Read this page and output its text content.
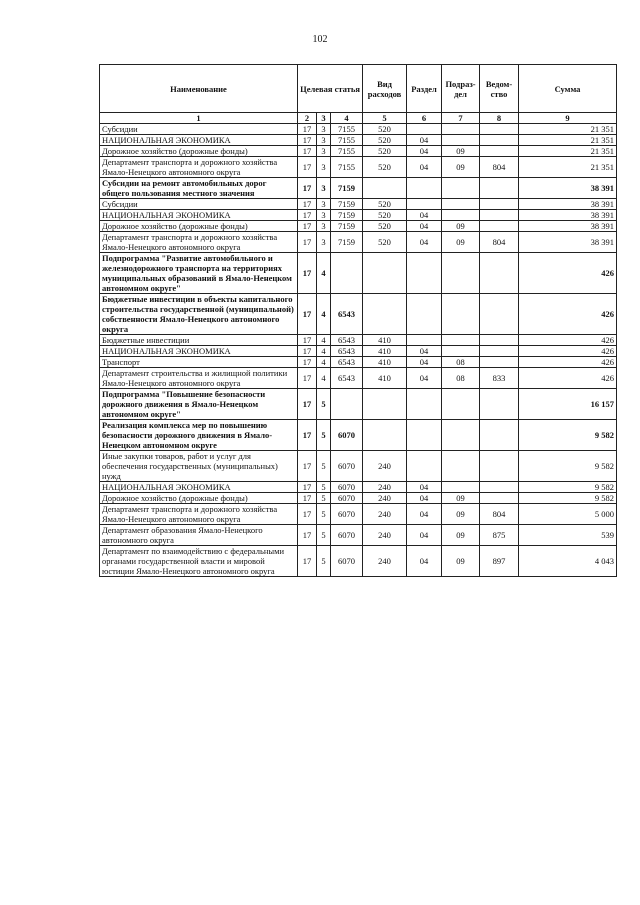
102
Наименование	Целевая статья			Вид расходов	Раздел	Подраз-дел	Ведом-ство	Сумма
1	2	3	4	5	6	7	8	9
Субсидии	17	3	7155	520				21 351
НАЦИОНАЛЬНАЯ ЭКОНОМИКА	17	3	7155	520	04			21 351
Дорожное хозяйство (дорожные фонды)	17	3	7155	520	04	09		21 351
Департамент транспорта и дорожного хозяйства Ямало-Ненецкого автономного округа	17	3	7155	520	04	09	804	21 351
Субсидии на ремонт автомобильных дорог общего пользования местного значения	17	3	7159					38 391
Субсидии	17	3	7159	520				38 391
НАЦИОНАЛЬНАЯ ЭКОНОМИКА	17	3	7159	520	04			38 391
Дорожное хозяйство (дорожные фонды)	17	3	7159	520	04	09		38 391
Департамент транспорта и дорожного хозяйства Ямало-Ненецкого автономного округа	17	3	7159	520	04	09	804	38 391
Подпрограмма "Развитие автомобильного и железнодорожного транспорта на территориях муниципальных образований в Ямало-Ненецком автономном округе"	17	4						426
Бюджетные инвестиции в объекты капитального строительства государственной (муниципальной) собственности Ямало-Ненецкого автономного округа	17	4	6543					426
Бюджетные инвестиции	17	4	6543	410				426
НАЦИОНАЛЬНАЯ ЭКОНОМИКА	17	4	6543	410	04			426
Транспорт	17	4	6543	410	04	08		426
Департамент строительства и жилищной политики Ямало-Ненецкого автономного округа	17	4	6543	410	04	08	833	426
Подпрограмма "Повышение безопасности дорожного движения в Ямало-Ненецком автономном округе"	17	5						16 157
Реализация комплекса мер по повышению безопасности дорожного движения в Ямало-Ненецком автономном округе	17	5	6070					9 582
Иные закупки товаров, работ и услуг для обеспечения государственных (муниципальных) нужд	17	5	6070	240				9 582
НАЦИОНАЛЬНАЯ ЭКОНОМИКА	17	5	6070	240	04			9 582
Дорожное хозяйство (дорожные фонды)	17	5	6070	240	04	09		9 582
Департамент транспорта и дорожного хозяйства Ямало-Ненецкого автономного округа	17	5	6070	240	04	09	804	5 000
Департамент образования Ямало-Ненецкого автономного округа	17	5	6070	240	04	09	875	539
Департамент по взаимодействию с федеральными органами государственной власти и мировой юстиции Ямало-Ненецкого автономного округа	17	5	6070	240	04	09	897	4 043
